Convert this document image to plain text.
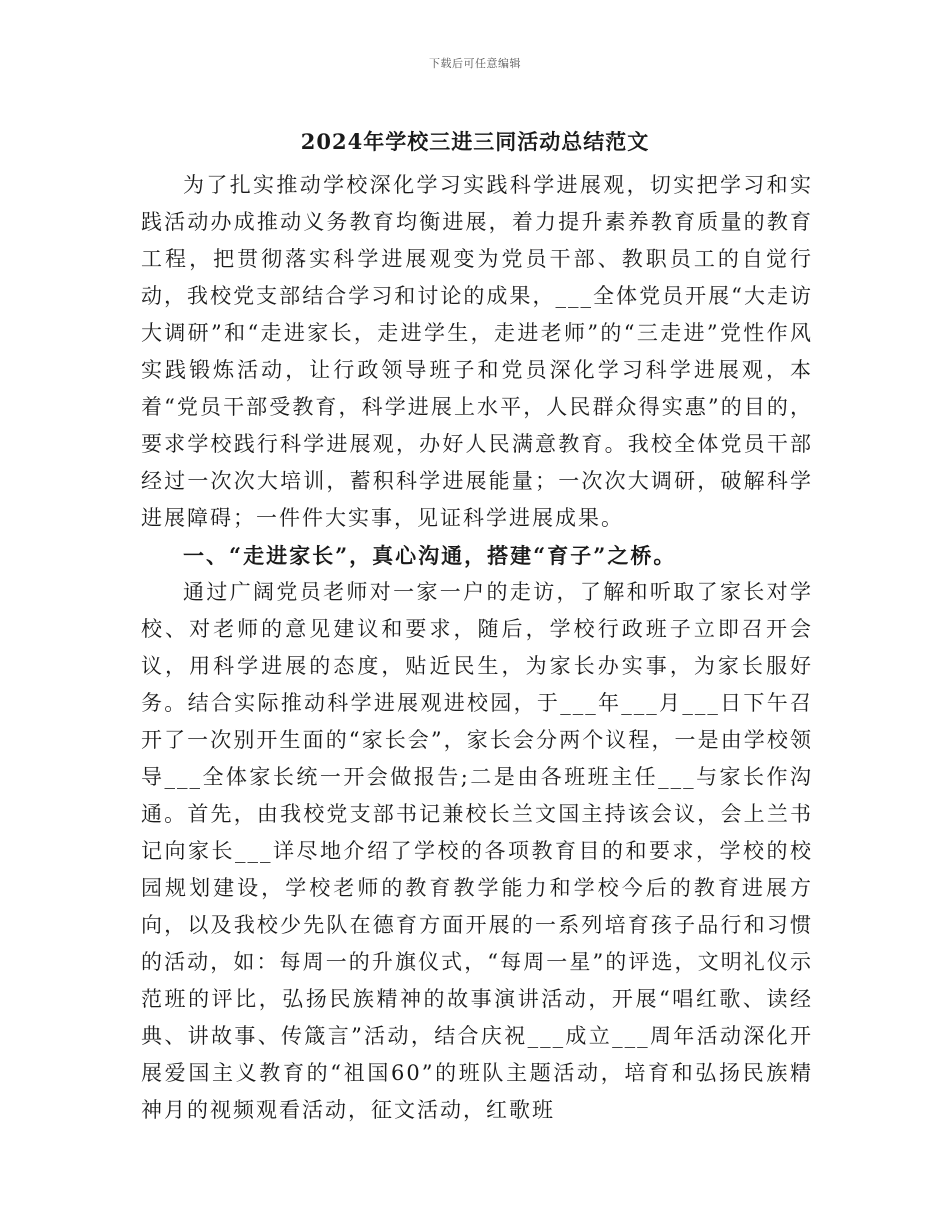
下载后可任意编辑
2024年学校三进三同活动总结范文

为了扎实推动学校深化学习实践科学进展观，切实把学习和实践活动办成推动义务教育均衡进展，着力提升素养教育质量的教育工程，把贯彻落实科学进展观变为党员干部、教职员工的自觉行动，我校党支部结合学习和讨论的成果，___全体党员开展“大走访大调研”和“走进家长，走进学生，走进老师”的“三走进”党性作风实践锻炼活动，让行政领导班子和党员深化学习科学进展观，本着“党员干部受教育，科学进展上水平，人民群众得实惠”的目的，要求学校践行科学进展观，办好人民满意教育。我校全体党员干部经过一次次大培训，蓄积科学进展能量；一次次大调研，破解科学进展障碍；一件件大实事，见证科学进展成果。

一、“走进家长”，真心沟通，搭建“育子”之桥。

通过广阔党员老师对一家一户的走访，了解和听取了家长对学校、对老师的意见建议和要求，随后，学校行政班子立即召开会议，用科学进展的态度，贴近民生，为家长办实事，为家长服好务。结合实际推动科学进展观进校园，于___年___月___日下午召开了一次别开生面的“家长会”，家长会分两个议程，一是由学校领导___全体家长统一开会做报告;二是由各班班主任___与家长作沟通。首先，由我校党支部书记兼校长兰文国主持该会议，会上兰书记向家长___详尽地介绍了学校的各项教育目的和要求，学校的校园规划建设，学校老师的教育教学能力和学校今后的教育进展方向，以及我校少先队在德育方面开展的一系列培育孩子品行和习惯的活动，如：每周一的升旗仪式，“每周一星”的评选，文明礼仪示范班的评比，弘扬民族精神的故事演讲活动，开展“唱红歌、读经典、讲故事、传箴言”活动，结合庆祝___成立___周年活动深化开展爱国主义教育的“祖国60”的班队主题活动，培育和弘扬民族精神月的视频观看活动，征文活动，红歌班
